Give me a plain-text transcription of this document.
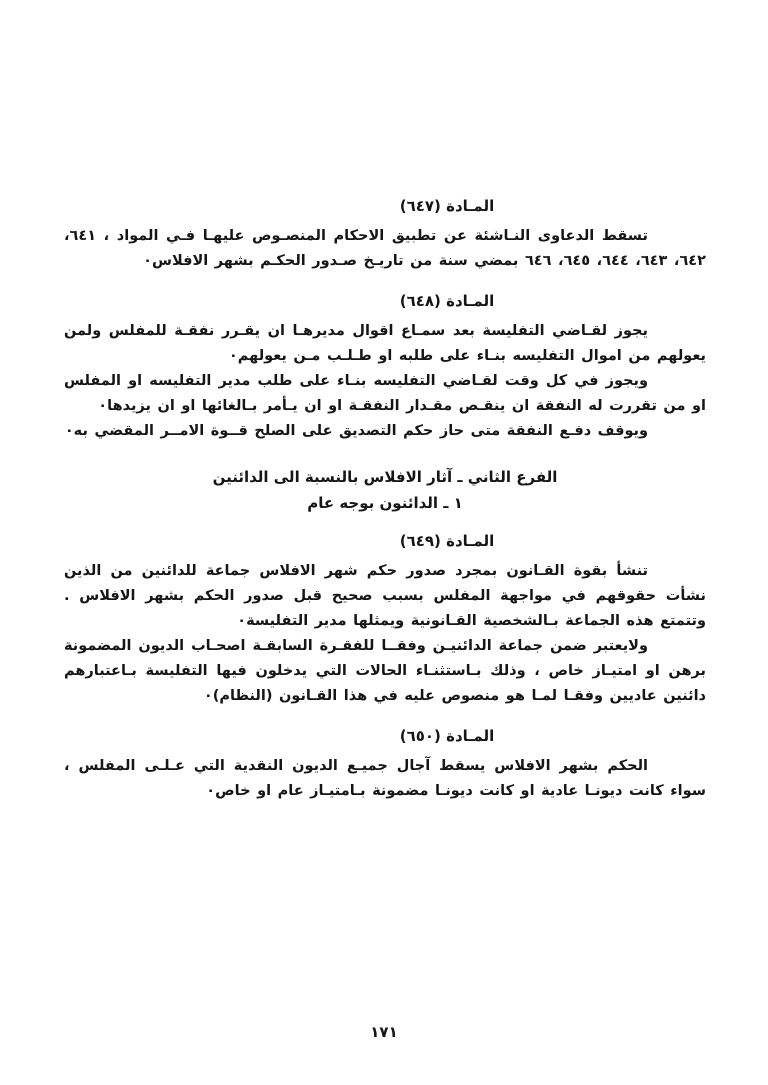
المـادة (٦٤٧)

تسقط الدعاوى النـاشئة عن تطبيق الاحكام المنصـوص عليهـا فـي المواد ، ٦٤١، ٦٤٢، ٦٤٣، ٦٤٤، ٦٤٥، ٦٤٦ بمضي سنة من تاريـخ صـدور الحكـم بشهر الافلاس٠

المـادة (٦٤٨)

يجوز لقـاضي التفليسة بعد سمـاع اقوال مديرهـا ان يقـرر نفقـة للمفلس ولمن يعولهم من اموال التفليسه بنـاء على طلبه او طـلـب مـن يعولهم٠

ويجوز في كل وقت لقـاضي التفليسه بنـاء على طلب مدير التفليسه او المفلس او من تقررت له النفقة ان ينقـص مقـدار النفقـة او ان يـأمر بـالغائها او ان يزيدها٠

ويوقف دفـع النفقة متى حاز حكم التصديق على الصلح قــوة الامــر المقضي به٠

الفرع الثاني ـ آثار الافلاس بالنسبة الى الدائنين
١ ـ الدائنون بوجه عام
المـادة (٦٤٩)

تنشأ بقوة القـانون بمجرد صدور حكم شهر الافلاس جماعة للدائنين من الذين نشأت حقوقهم في مواجهة المفلس بسبب صحيح قبل صدور الحكم بشهر الافلاس . وتتمتع هذه الجماعة بـالشخصية القـانونية ويمثلها مدير التفليسة٠

ولايعتبر ضمن جماعة الدائنيـن وفقــا للفقـرة السابقـة اصحـاب الديون المضمونة برهن او امتيـاز خاص ، وذلك بـاستثنـاء الحالات التي يدخلون فيها التفليسة بـاعتبارهم دائنين عاديين وفقـا لمـا هو منصوص عليه في هذا القـانون (النظام)٠

المـادة (٦٥٠)

الحكم بشهر الافلاس يسقط آجال جميـع الديون النقدية التي عـلـى المفلس ، سواء كانت ديونـا عادية او كانت ديونـا مضمونة بـامتيـاز عام او خاص٠

١٧١
